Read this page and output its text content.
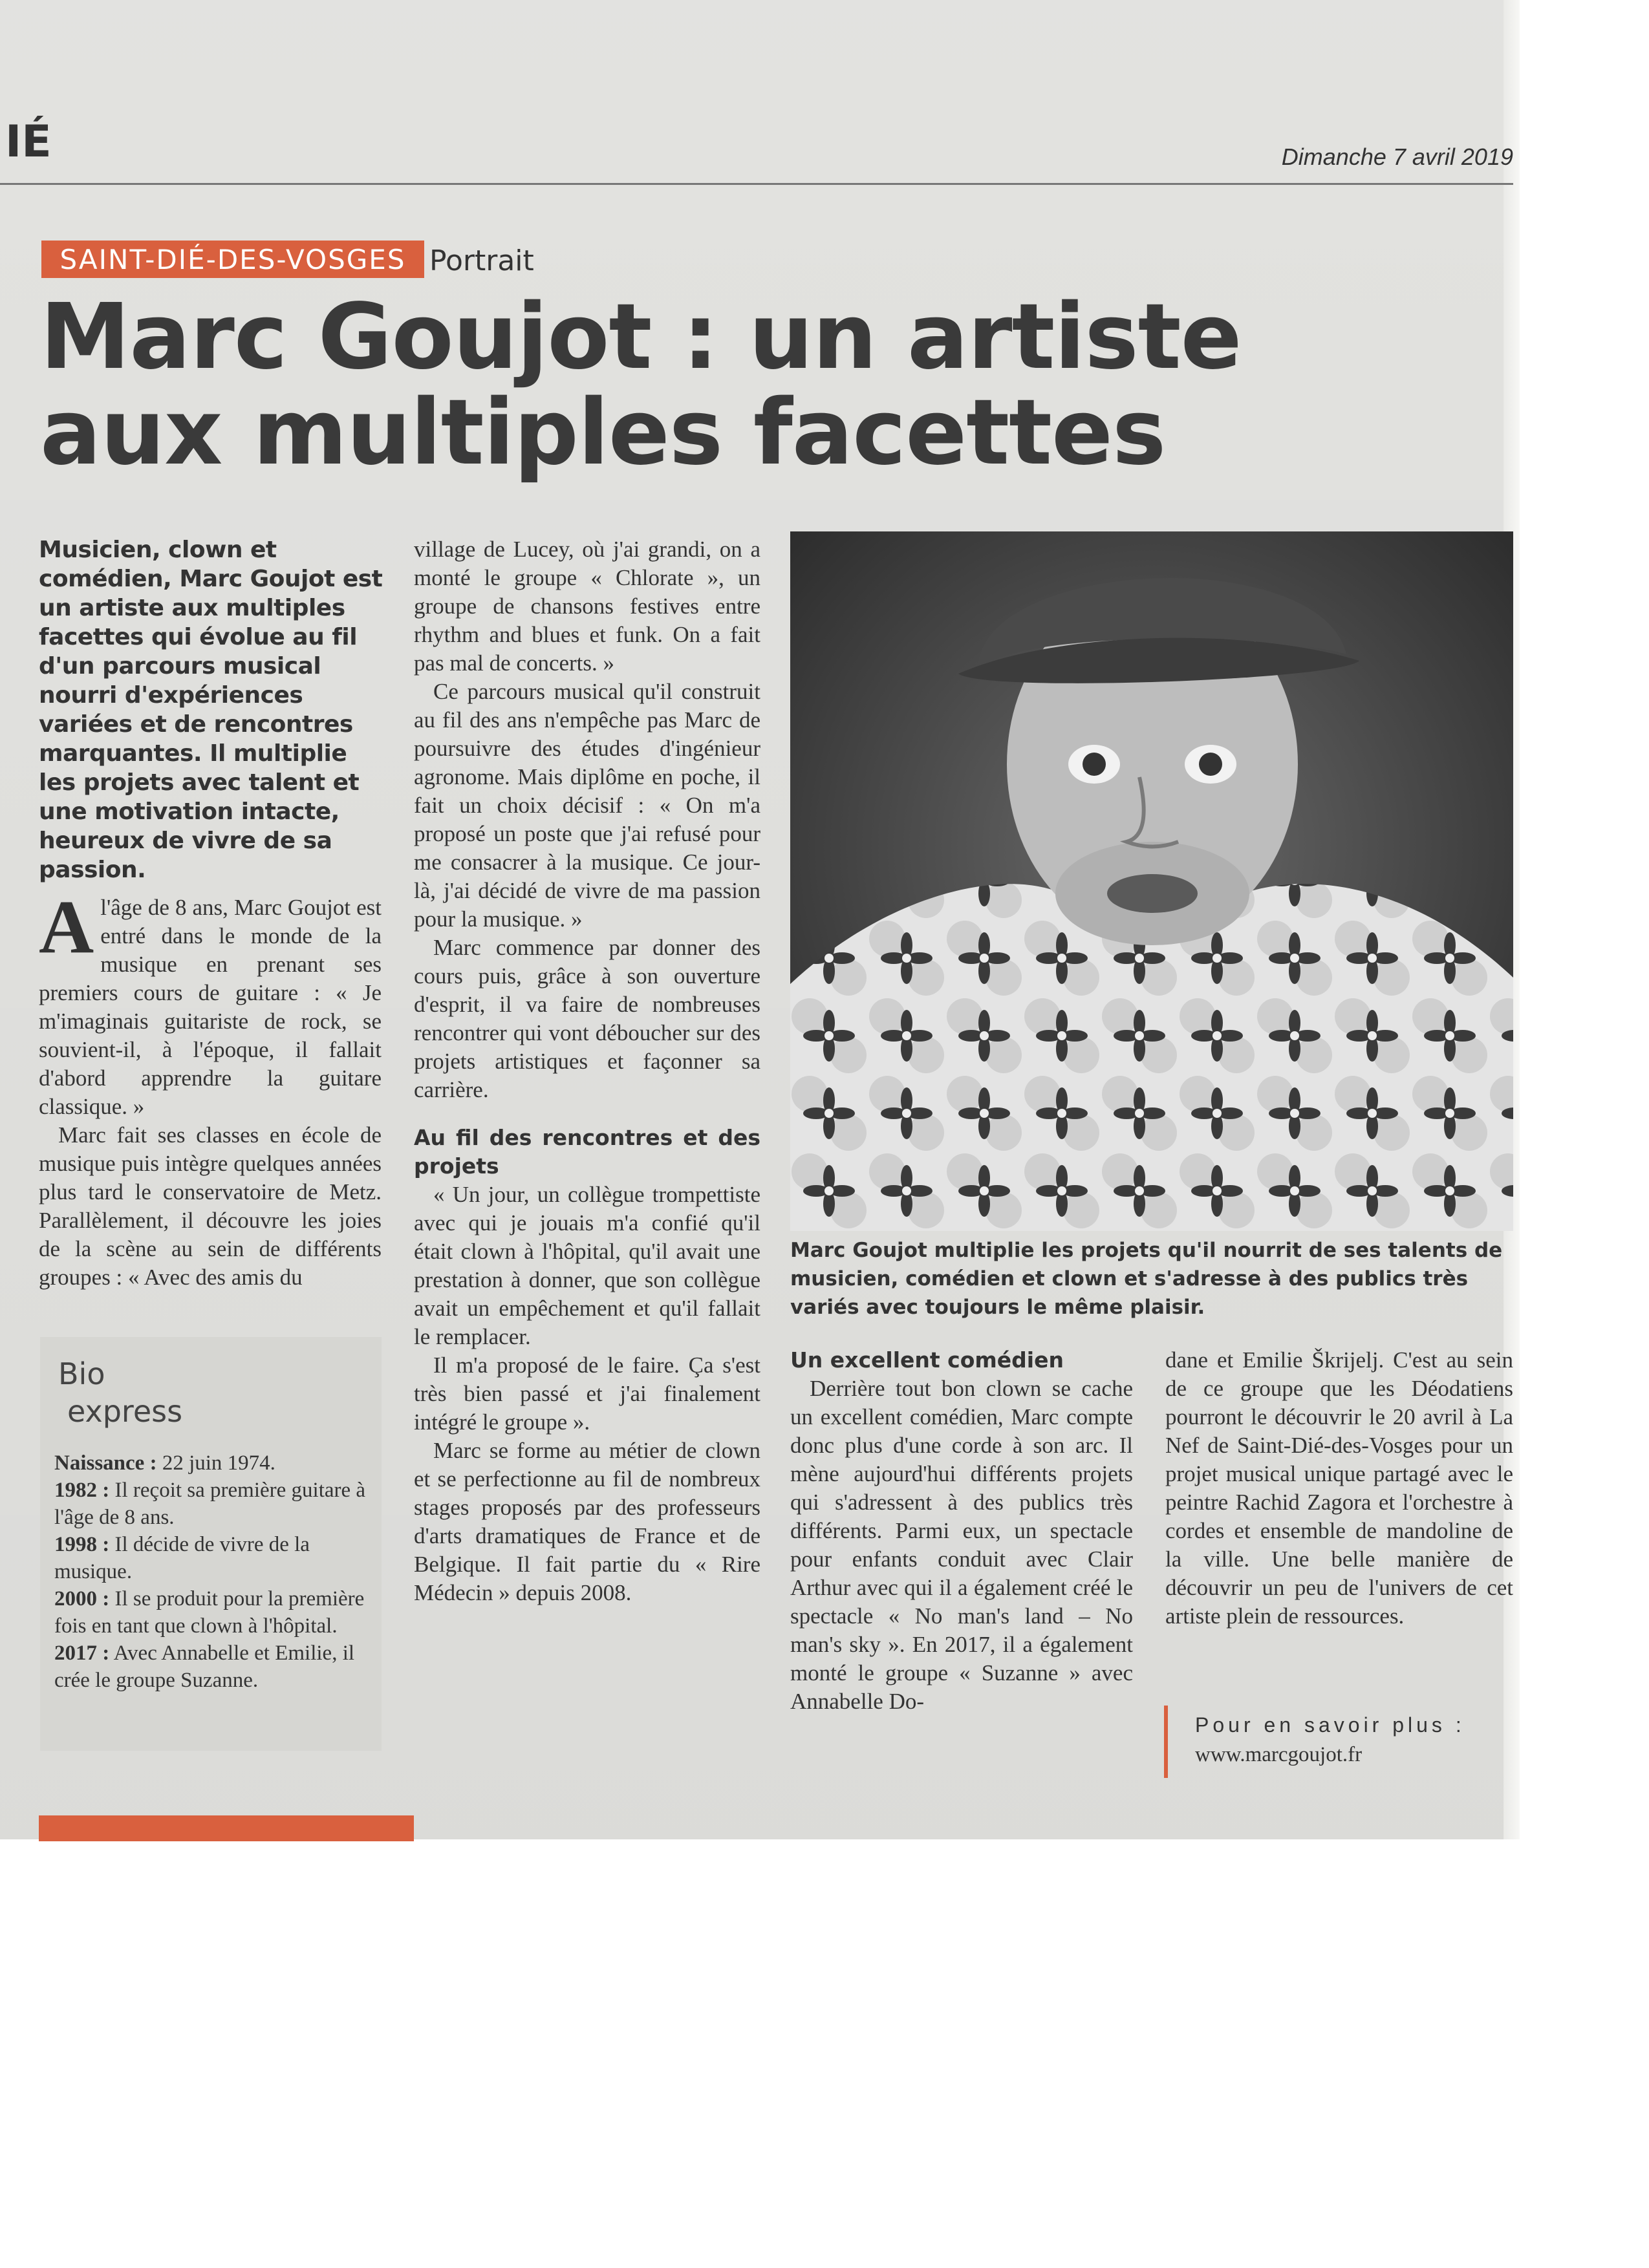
IÉ	Dimanche 7 avril 2019
SAINT-DIÉ-DES-VOSGES Portrait
Marc Goujot : un artiste
aux multiples facettes
Musicien, clown et comédien, Marc Goujot est un artiste aux multiples facettes qui évolue au fil d'un parcours musical nourri d'expériences variées et de rencontres marquantes. Il multiplie les projets avec talent et une motivation intacte, heureux de vivre de sa passion.

Al'âge de 8 ans, Marc Goujot est entré dans le monde de la musique en prenant ses premiers cours de guitare : « Je m'imaginais guitariste de rock, se souvient-il, à l'époque, il fallait d'abord apprendre la guitare classique. »

Marc fait ses classes en école de musique puis intègre quelques années plus tard le conservatoire de Metz. Parallèlement, il découvre les joies de la scène au sein de différents groupes : « Avec des amis du

Bio
express
Naissance : 22 juin 1974.
1982 : Il reçoit sa première guitare à l'âge de 8 ans.
1998 : Il décide de vivre de la musique.
2000 : Il se produit pour la première fois en tant que clown à l'hôpital.
2017 : Avec Annabelle et Emilie, il crée le groupe Suzanne.

village de Lucey, où j'ai grandi, on a monté le groupe « Chlorate », un groupe de chansons festives entre rhythm and blues et funk. On a fait pas mal de concerts. »

Ce parcours musical qu'il construit au fil des ans n'empêche pas Marc de poursuivre des études d'ingénieur agronome. Mais diplôme en poche, il fait un choix décisif : « On m'a proposé un poste que j'ai refusé pour me consacrer à la musique. Ce jour-là, j'ai décidé de vivre de ma passion pour la musique. »

Marc commence par donner des cours puis, grâce à son ouverture d'esprit, il va faire de nombreuses rencontrer qui vont déboucher sur des projets artistiques et façonner sa carrière.

Au fil des rencontres et des projets

« Un jour, un collègue trompettiste avec qui je jouais m'a confié qu'il était clown à l'hôpital, qu'il avait une prestation à donner, que son collègue avait un empêchement et qu'il fallait le remplacer.

Il m'a proposé de le faire. Ça s'est très bien passé et j'ai finalement intégré le groupe ».

Marc se forme au métier de clown et se perfectionne au fil de nombreux stages proposés par des professeurs d'arts dramatiques de France et de Belgique. Il fait partie du « Rire Médecin » depuis 2008.

Marc Goujot multiplie les projets qu'il nourrit de ses talents de musicien, comédien et clown et s'adresse à des publics très variés avec toujours le même plaisir.
Un excellent comédien

Derrière tout bon clown se cache un excellent comédien, Marc compte donc plus d'une corde à son arc. Il mène aujourd'hui différents projets qui s'adressent à des publics très différents. Parmi eux, un spectacle pour enfants conduit avec Clair Arthur avec qui il a également créé le spectacle « No man's land – No man's sky ». En 2017, il a également monté le groupe « Suzanne » avec Annabelle Do-

dane et Emilie Škrijelj. C'est au sein de ce groupe que les Déodatiens pourront le découvrir le 20 avril à La Nef de Saint-Dié-des-Vosges pour un projet musical unique partagé avec le peintre Rachid Zagora et l'orchestre à cordes et ensemble de mandoline de la ville. Une belle manière de découvrir un peu de l'univers de cet artiste plein de ressources.

Pour en savoir plus :
www.marcgoujot.fr
